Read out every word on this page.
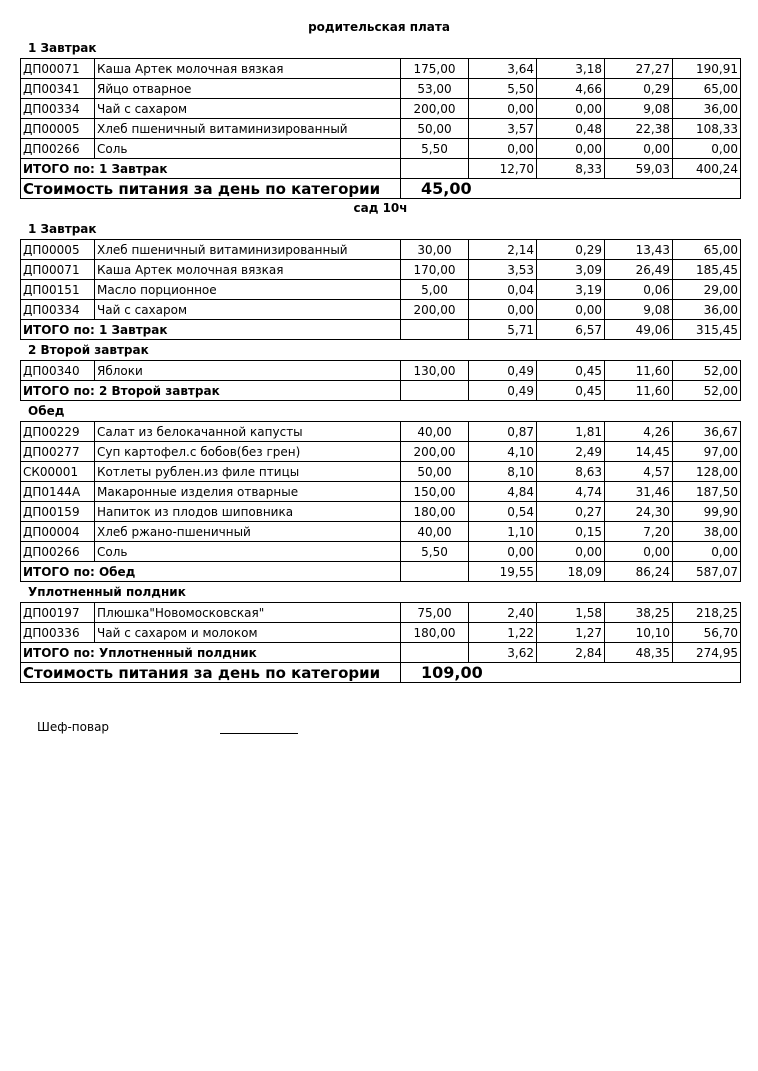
родительская плата
1 Завтрак
ДП00071	Каша Артек молочная вязкая	175,00	3,64	3,18	27,27	190,91
ДП00341	Яйцо отварное	53,00	5,50	4,66	0,29	65,00
ДП00334	Чай с сахаром	200,00	0,00	0,00	9,08	36,00
ДП00005	Хлеб пшеничный витаминизированный	50,00	3,57	0,48	22,38	108,33
ДП00266	Соль	5,50	0,00	0,00	0,00	0,00
ИТОГО по: 1 Завтрак			12,70	8,33	59,03	400,24
Стоимость питания за день по категории		45,00				
сад 10ч
1 Завтрак
ДП00005	Хлеб пшеничный витаминизированный	30,00	2,14	0,29	13,43	65,00
ДП00071	Каша Артек молочная вязкая	170,00	3,53	3,09	26,49	185,45
ДП00151	Масло порционное	5,00	0,04	3,19	0,06	29,00
ДП00334	Чай с сахаром	200,00	0,00	0,00	9,08	36,00
ИТОГО по: 1 Завтрак			5,71	6,57	49,06	315,45
2 Второй завтрак
ДП00340	Яблоки	130,00	0,49	0,45	11,60	52,00
ИТОГО по: 2 Второй завтрак			0,49	0,45	11,60	52,00
Обед
ДП00229	Салат из белокачанной капусты	40,00	0,87	1,81	4,26	36,67
ДП00277	Суп картофел.с бобов(без грен)	200,00	4,10	2,49	14,45	97,00
СК00001	Котлеты рублен.из филе птицы	50,00	8,10	8,63	4,57	128,00
ДП0144А	Макаронные изделия отварные	150,00	4,84	4,74	31,46	187,50
ДП00159	Напиток из плодов шиповника	180,00	0,54	0,27	24,30	99,90
ДП00004	Хлеб ржано-пшеничный	40,00	1,10	0,15	7,20	38,00
ДП00266	Соль	5,50	0,00	0,00	0,00	0,00
ИТОГО по: Обед			19,55	18,09	86,24	587,07
Уплотненный полдник
ДП00197	Плюшка"Новомосковская"	75,00	2,40	1,58	38,25	218,25
ДП00336	Чай с сахаром и молоком	180,00	1,22	1,27	10,10	56,70
ИТОГО по: Уплотненный полдник			3,62	2,84	48,35	274,95
Стоимость питания за день по категории		109,00				
Шеф-повар
